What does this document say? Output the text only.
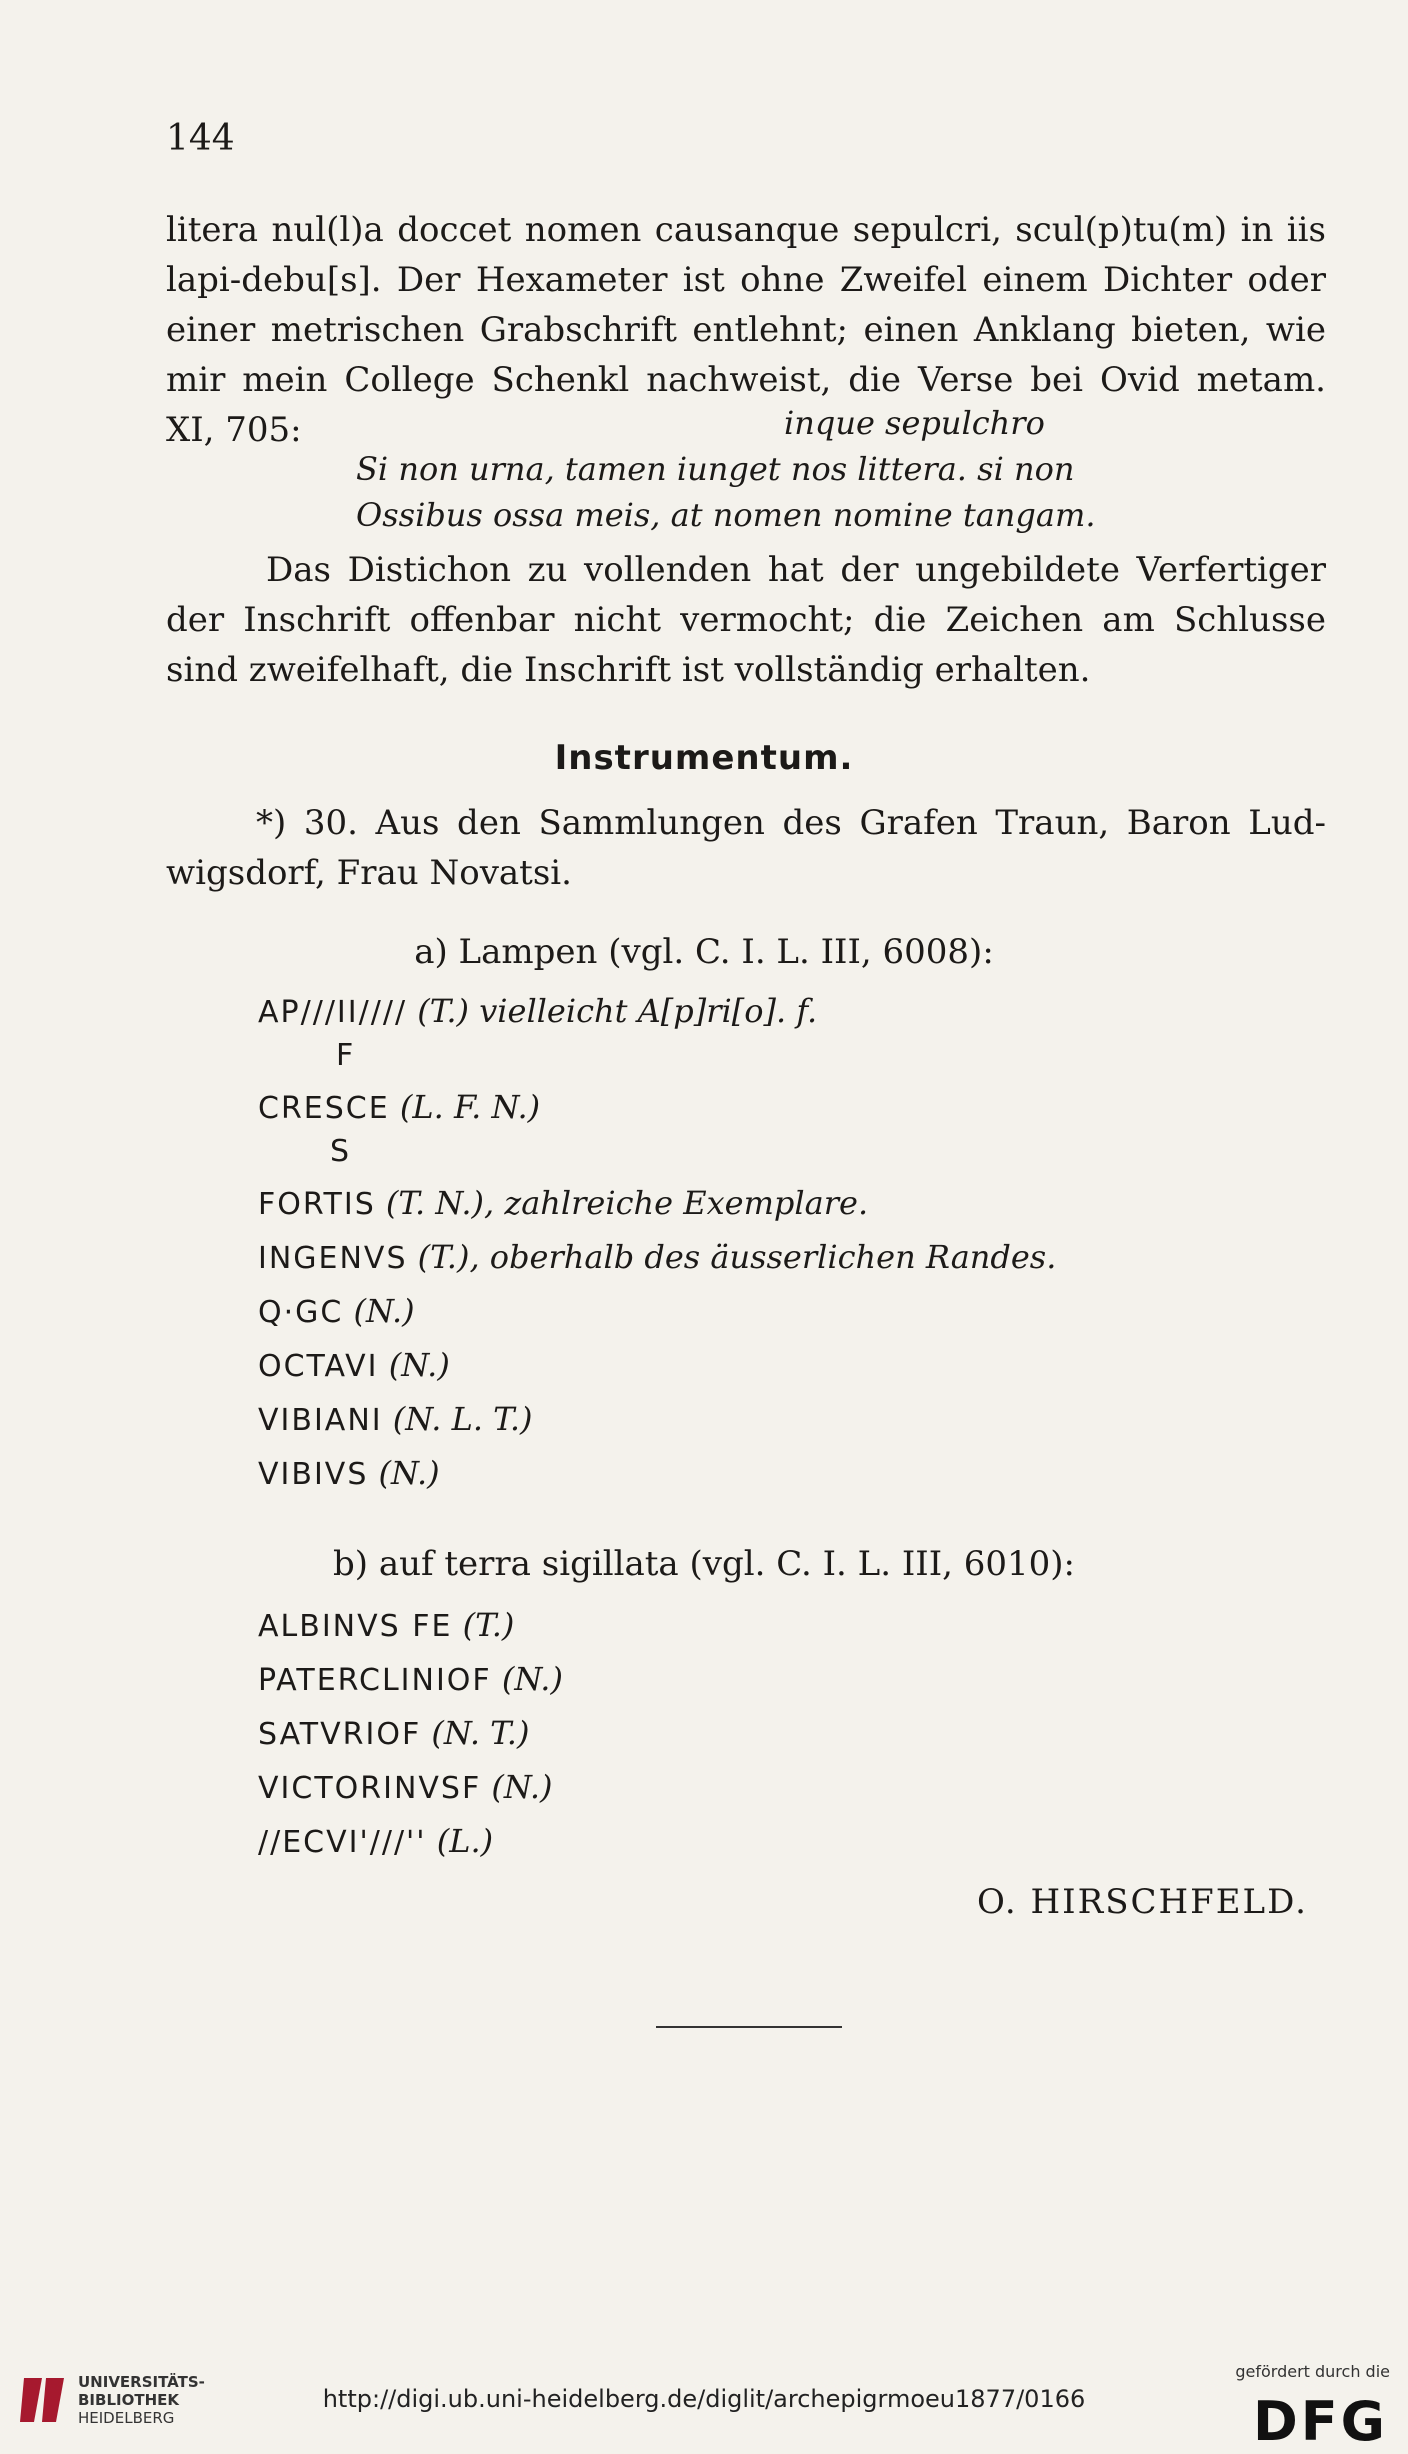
144
litera nul(l)a doccet nomen causanque sepulcri, scul(p)tu(m) in iis lapi-debu[s]. Der Hexameter ist ohne Zweifel einem Dichter oder einer metrischen Grabschrift entlehnt; einen Anklang bieten, wie mir mein College Schenkl nachweist, die Verse bei Ovid metam. XI, 705:	inque sepulchro
Si non urna, tamen iunget nos littera. si non
Ossibus ossa meis, at nomen nomine tangam.
Das Distichon zu vollenden hat der ungebildete Verfertiger der Inschrift offenbar nicht vermocht; die Zeichen am Schlusse sind zweifelhaft, die Inschrift ist vollständig erhalten.
Instrumentum.
*) 30. Aus den Sammlungen des Grafen Traun, Baron Lud-wigsdorf, Frau Novatsi.
a) Lampen (vgl. C. I. L. III, 6008):
AP///II//// (T.) vielleicht A[p]ri[o]. f.
F
CRESCE (L. F. N.)
S
FORTIS (T. N.), zahlreiche Exemplare.
INGENVS (T.), oberhalb des äusserlichen Randes.
Q·GC (N.)
OCTAVI (N.)
VIBIANI (N. L. T.)
VIBIVS (N.)
b) auf terra sigillata (vgl. C. I. L. III, 6010):
ALBINVS FE (T.)
PATERCLINIOF (N.)
SATVRIOF (N. T.)
VICTORINVSF (N.)
//ECVI'///'' (L.)
O. HIRSCHFELD.
UNIVERSITÄTS-
BIBLIOTHEK
HEIDELBERG
http://digi.ub.uni-heidelberg.de/diglit/archepigrmoeu1877/0166
gefördert durch die
DFG
